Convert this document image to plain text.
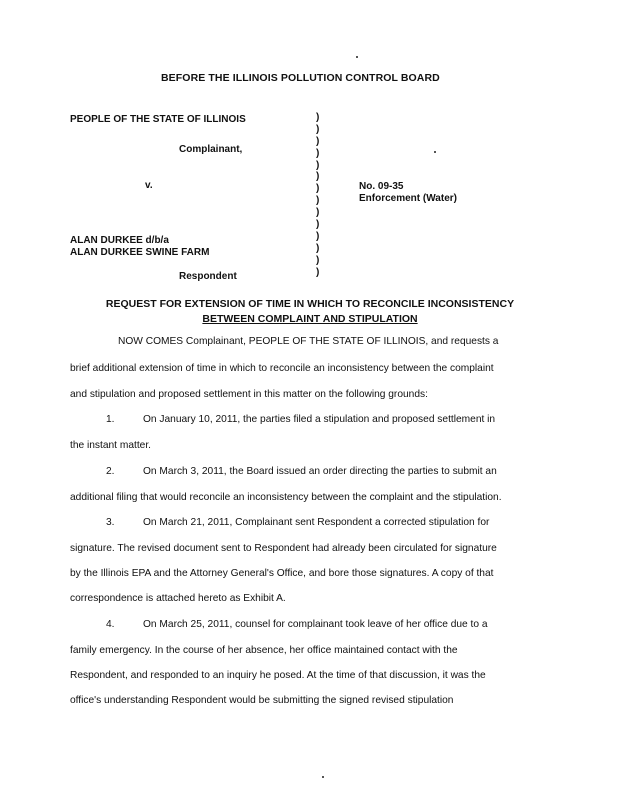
BEFORE THE ILLINOIS POLLUTION CONTROL BOARD
PEOPLE OF THE STATE OF ILLINOIS
Complainant,
v.
ALAN DURKEE d/b/a
ALAN DURKEE SWINE FARM
Respondent
No. 09-35
Enforcement (Water)
)
)
)
)
)
)
)
)
)
)
)
)
)
)
REQUEST FOR EXTENSION OF TIME IN WHICH TO RECONCILE INCONSISTENCY
BETWEEN COMPLAINT AND STIPULATION
NOW COMES Complainant, PEOPLE OF THE STATE OF ILLINOIS, and requests a
brief additional extension of time in which to reconcile an inconsistency between the complaint
and stipulation and proposed settlement in this matter on the following grounds:
1.	On January 10, 2011, the parties filed a stipulation and proposed settlement in
the instant matter.
2.	On March 3, 2011, the Board issued an order directing the parties to submit an
additional filing that would reconcile an inconsistency between the complaint and the stipulation.
3.	On March 21, 2011, Complainant sent Respondent a corrected stipulation for
signature. The revised document sent to Respondent had already been circulated for signature
by the Illinois EPA and the Attorney General's Office, and bore those signatures. A copy of that
correspondence is attached hereto as Exhibit A.
4.	On March 25, 2011, counsel for complainant took leave of her office due to a
family emergency. In the course of her absence, her office maintained contact with the
Respondent, and responded to an inquiry he posed. At the time of that discussion, it was the
office's understanding Respondent would be submitting the signed revised stipulation
